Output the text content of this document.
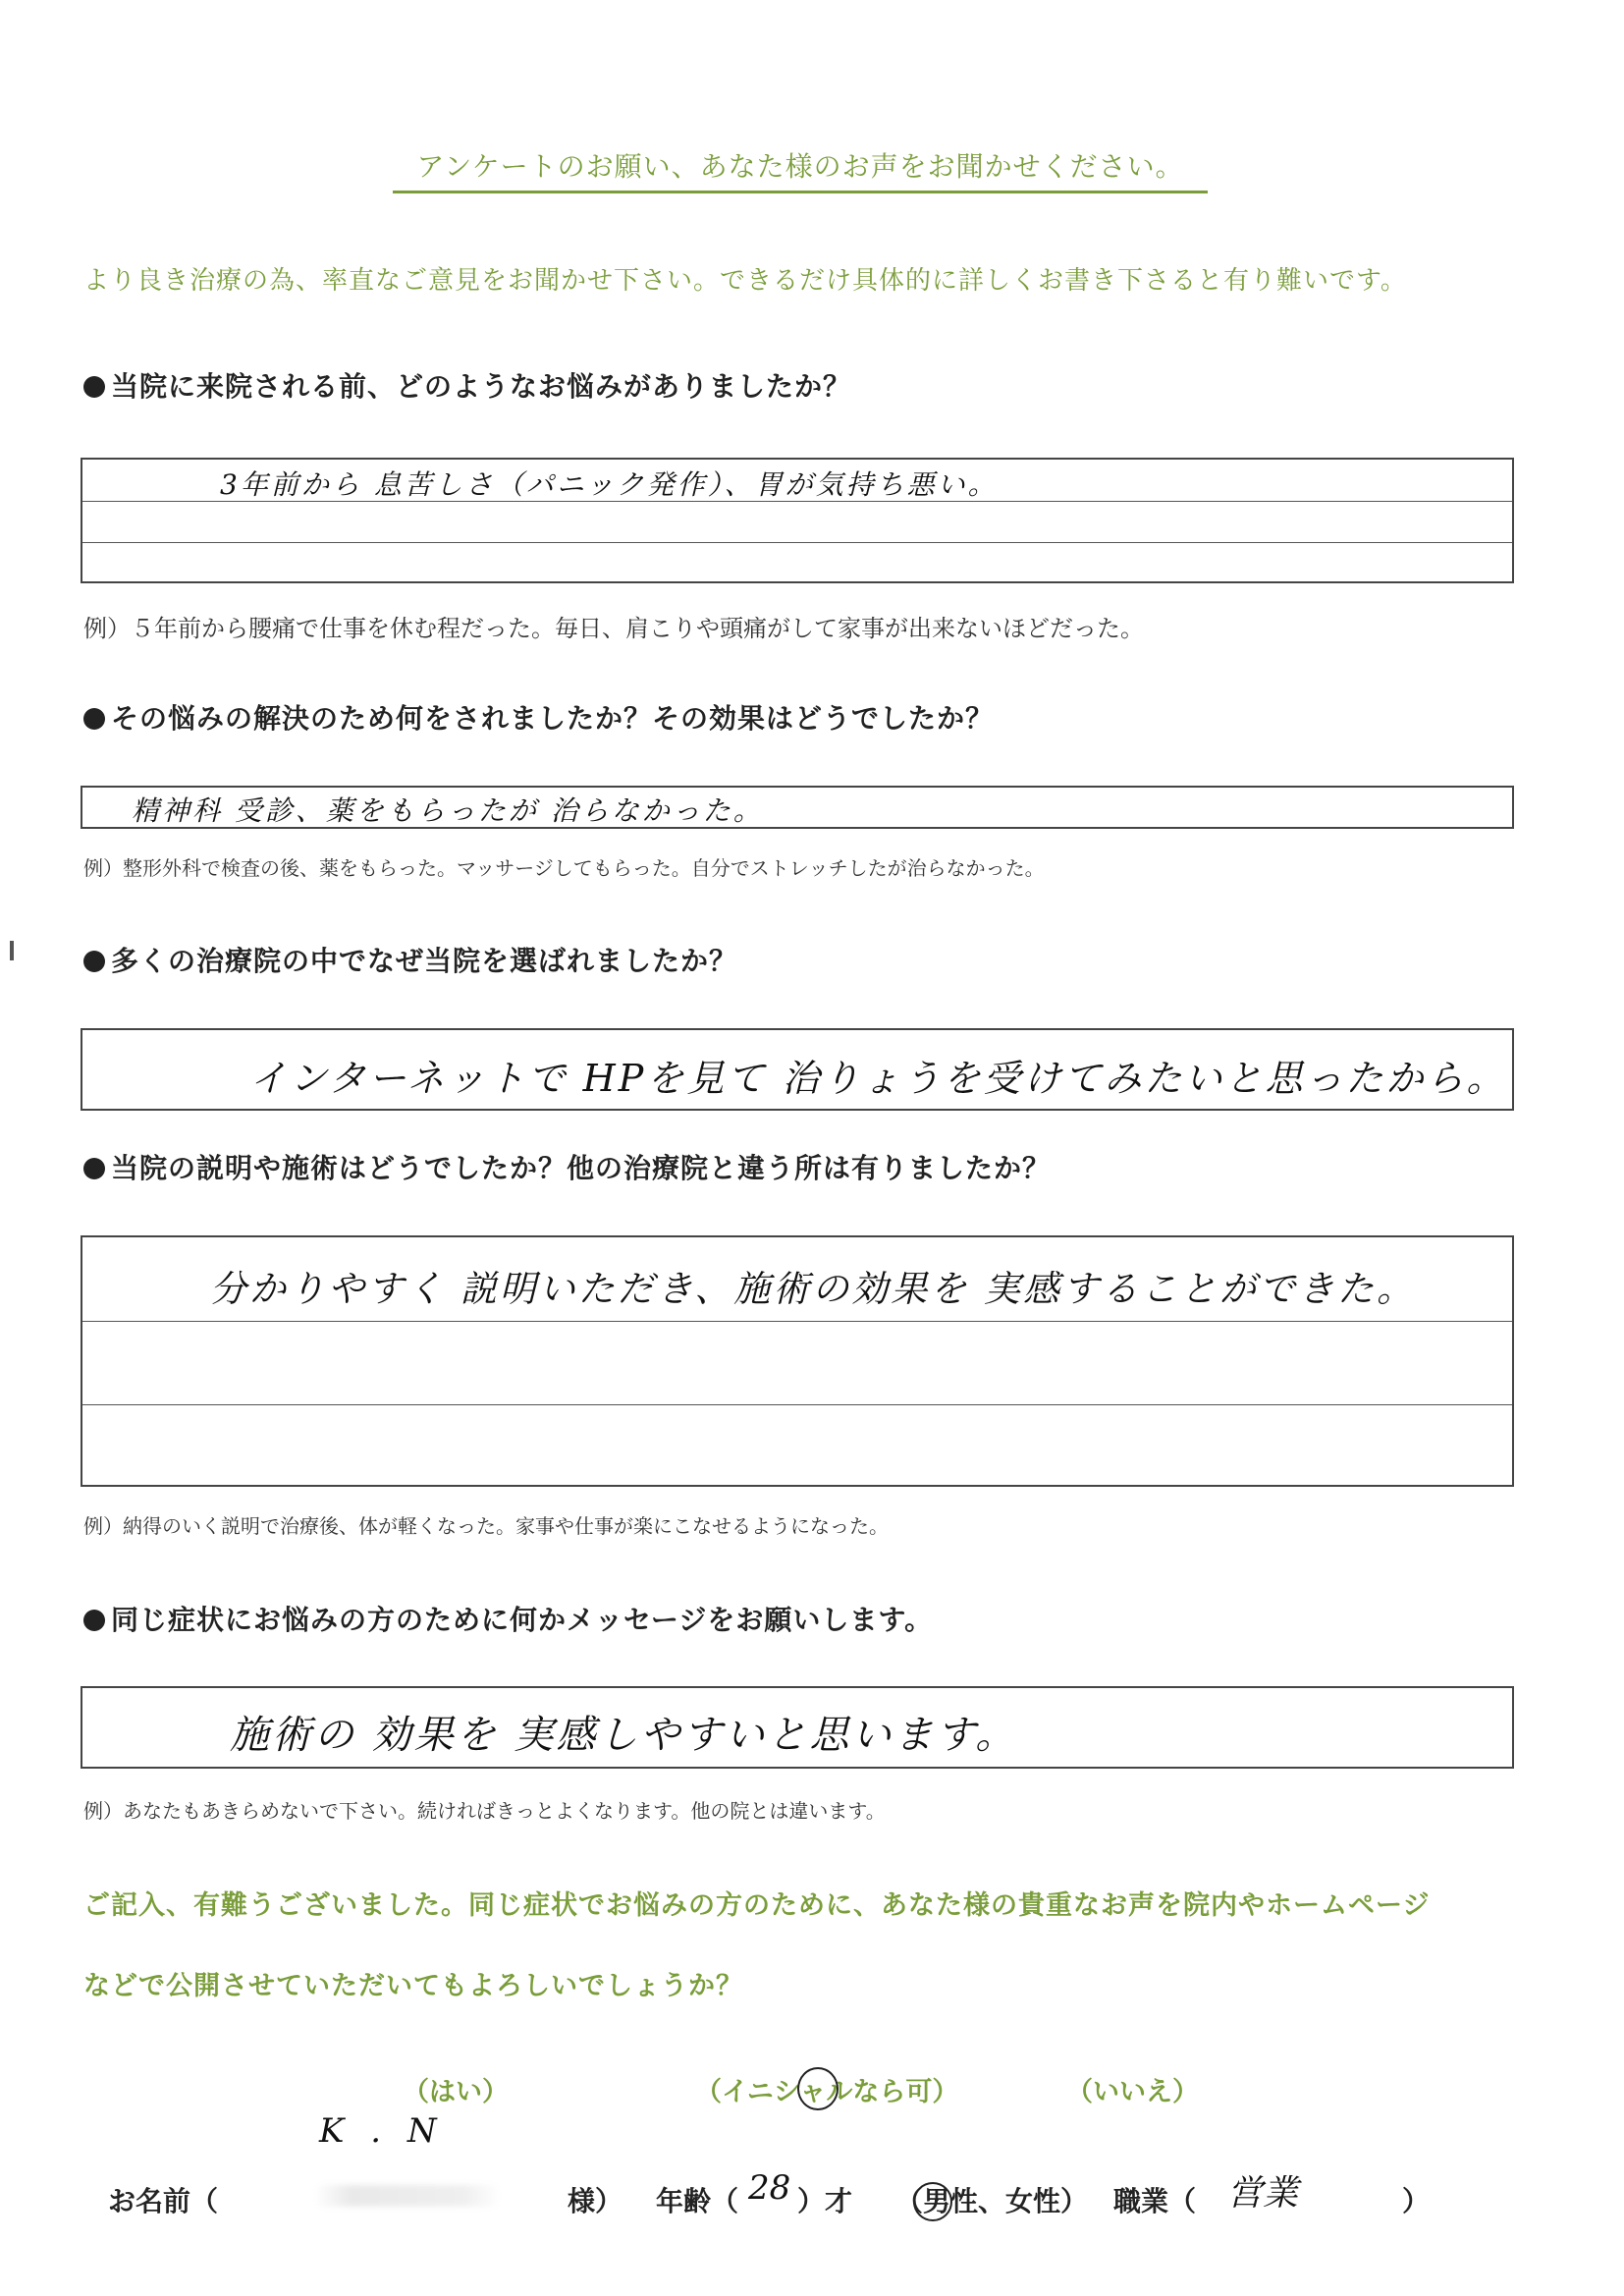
アンケートのお願い、あなた様のお声をお聞かせください。
より良き治療の為、率直なご意見をお聞かせ下さい。できるだけ具体的に詳しくお書き下さると有り難いです。
当院に来院される前、どのようなお悩みがありましたか？
3年前から 息苦しさ（パニック発作）、胃が気持ち悪い。
例）５年前から腰痛で仕事を休む程だった。毎日、肩こりや頭痛がして家事が出来ないほどだった。
その悩みの解決のため何をされましたか？その効果はどうでしたか？
精神科 受診、薬をもらったが 治らなかった。
例）整形外科で検査の後、薬をもらった。マッサージしてもらった。自分でストレッチしたが治らなかった。
多くの治療院の中でなぜ当院を選ばれましたか？
インターネットで HPを見て 治りょうを受けてみたいと思ったから。
当院の説明や施術はどうでしたか？他の治療院と違う所は有りましたか？
分かりやすく 説明いただき、施術の効果を 実感することができた。
例）納得のいく説明で治療後、体が軽くなった。家事や仕事が楽にこなせるようになった。
同じ症状にお悩みの方のために何かメッセージをお願いします。
施術の 効果を 実感しやすいと思います。
例）あなたもあきらめないで下さい。続ければきっとよくなります。他の院とは違います。
ご記入、有難うございました。同じ症状でお悩みの方のために、あなた様の貴重なお声を院内やホームページ
などで公開させていただいてもよろしいでしょうか？
（はい）	（イニシャルなら可）	（いいえ）
K . N
お名前（	様） 年齢（ 28 ）才 （男性、女性） 職業（ 営業	）
